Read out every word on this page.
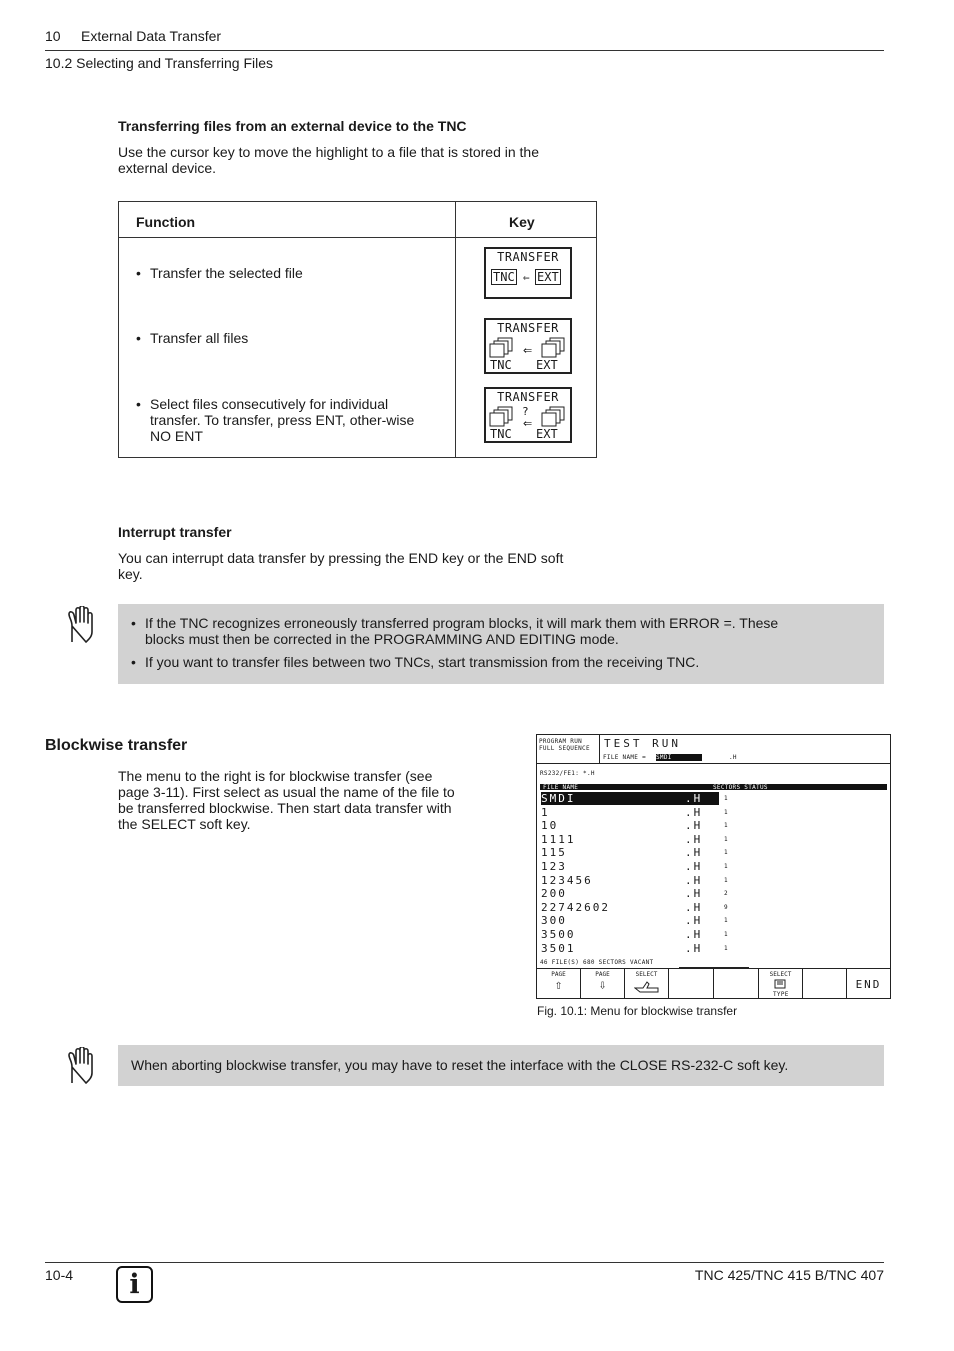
10 External Data Transfer
10.2 Selecting and Transferring Files
Transferring files from an external device to the TNC

Use the cursor key to move the highlight to a file that is stored in the external device.

Function	Key
• Transfer the selected file
TRANSFER
TNC ⇐ EXT
• Transfer all files
TRANSFER
⇐
TNC EXT
• Select files consecutively for individual transfer. To transfer, press ENT, other-wise NO ENT
TRANSFER
⇐
?
TNC EXT
Interrupt transfer

You can interrupt data transfer by pressing the END key or the END soft key.

• If the TNC recognizes erroneously transferred program blocks, it will mark them with ERROR =. These blocks must then be corrected in the PROGRAMMING AND EDITING mode.
• If you want to transfer files between two TNCs, start transmission from the receiving TNC.
Blockwise transfer

The menu to the right is for blockwise transfer (see page 3-11). First select as usual the name of the file to be transferred blockwise. Then start data transfer with the SELECT soft key.

PROGRAM RUN
FULL SEQUENCE TEST RUN
FILE NAME = SMDI	.H
RS232/FE1: *.H
FILE NAME	SECTORS STATUS
SMDI	.H	1
1	.H	1
10	.H	1
1111	.H	1
115	.H	1
123	.H	1
123456	.H	1
200	.H	2
22742602	.H	9
300	.H	1
3500	.H	1
3501	.H	1
46 FILE(S) 680 SECTORS VACANT
PAGE
⇧
PAGE
⇩
SELECT	SELECT
TYPE
END
Fig. 10.1: Menu for blockwise transfer
When aborting blockwise transfer, you may have to reset the interface with the CLOSE RS-232-C soft key.
10-4	i	TNC 425/TNC 415 B/TNC 407
